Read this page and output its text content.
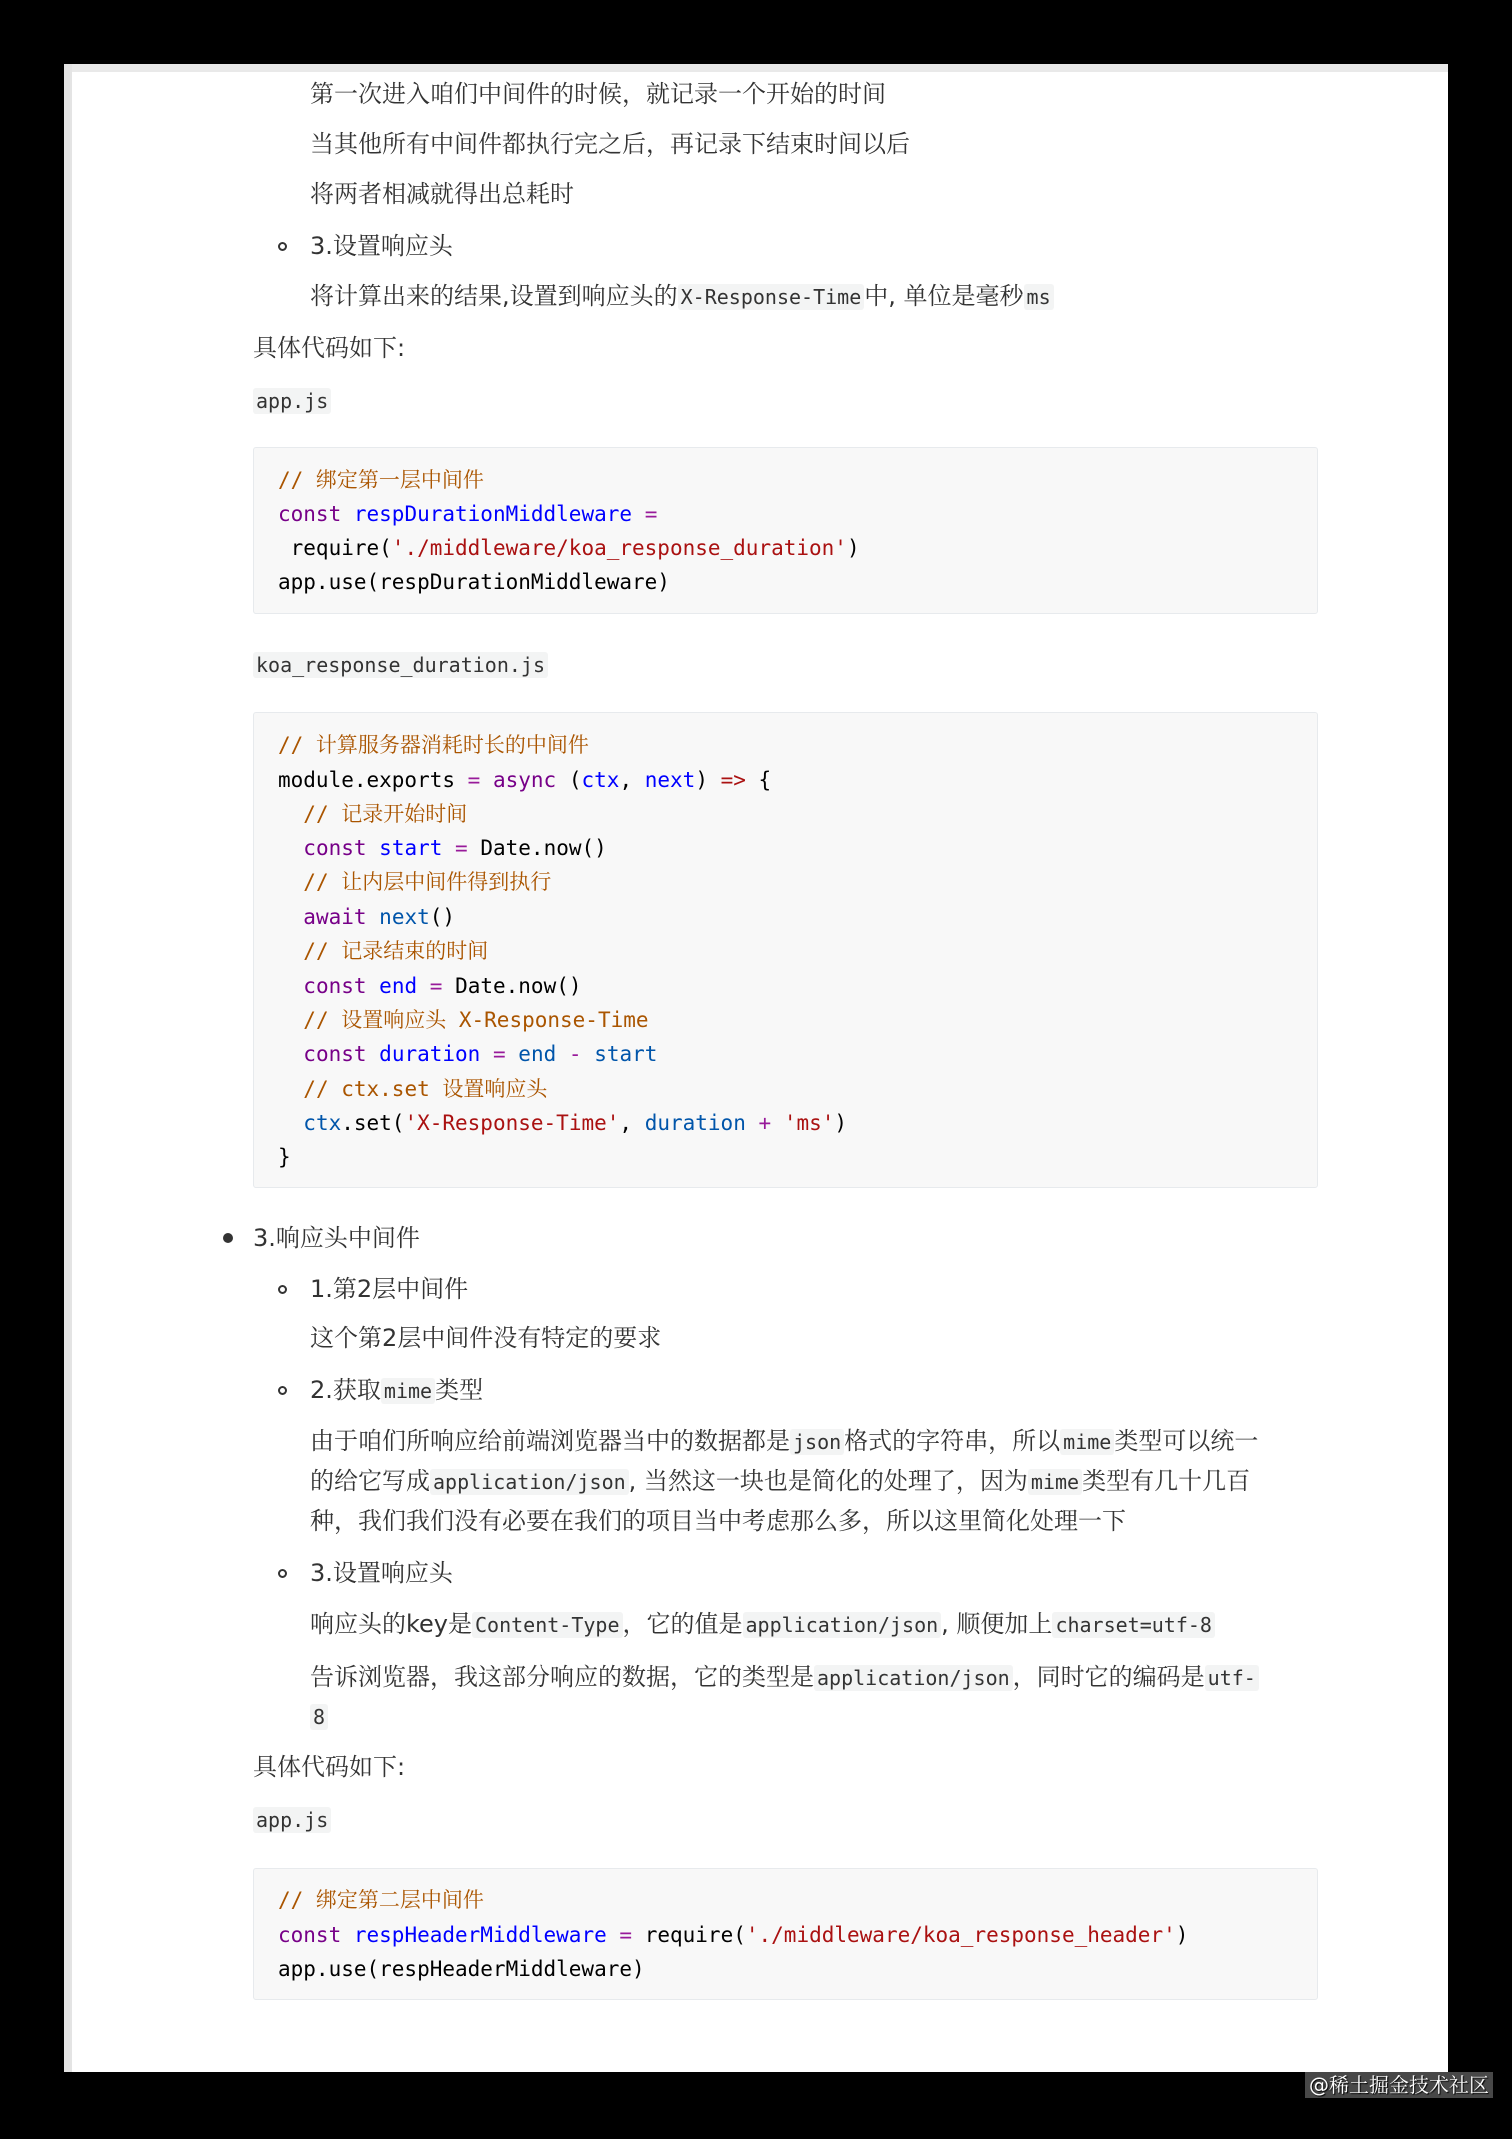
第一次进入咱们中间件的时候，就记录一个开始的时间
当其他所有中间件都执行完之后，再记录下结束时间以后
将两者相减就得出总耗时
3.设置响应头
将计算出来的结果,设置到响应头的 X-Response-Time 中, 单位是毫秒 ms
具体代码如下:
app.js
// 绑定第一层中间件
const respDurationMiddleware =
require('./middleware/koa_response_duration')
app.use(respDurationMiddleware)
koa_response_duration.js
// 计算服务器消耗时长的中间件
module.exports = async (ctx, next) => {
// 记录开始时间
const start = Date.now()
// 让内层中间件得到执行
await next()
// 记录结束的时间
const end = Date.now()
// 设置响应头 X-Response-Time
const duration = end - start
// ctx.set 设置响应头
ctx.set('X-Response-Time', duration + 'ms')
}
3.响应头中间件
1.第2层中间件
这个第2层中间件没有特定的要求
2.获取 mime 类型
由于咱们所响应给前端浏览器当中的数据都是 json 格式的字符串，所以 mime 类型可以统一
的给它写成 application/json , 当然这一块也是简化的处理了，因为 mime 类型有几十几百
种，我们我们没有必要在我们的项目当中考虑那么多，所以这里简化处理一下
3.设置响应头
响应头的key是 Content-Type ，它的值是 application/json , 顺便加上 charset=utf-8
告诉浏览器，我这部分响应的数据，它的类型是 application/json ，同时它的编码是 utf-
8
具体代码如下:
app.js
// 绑定第二层中间件
const respHeaderMiddleware = require('./middleware/koa_response_header')
app.use(respHeaderMiddleware)
@稀土掘金技术社区
